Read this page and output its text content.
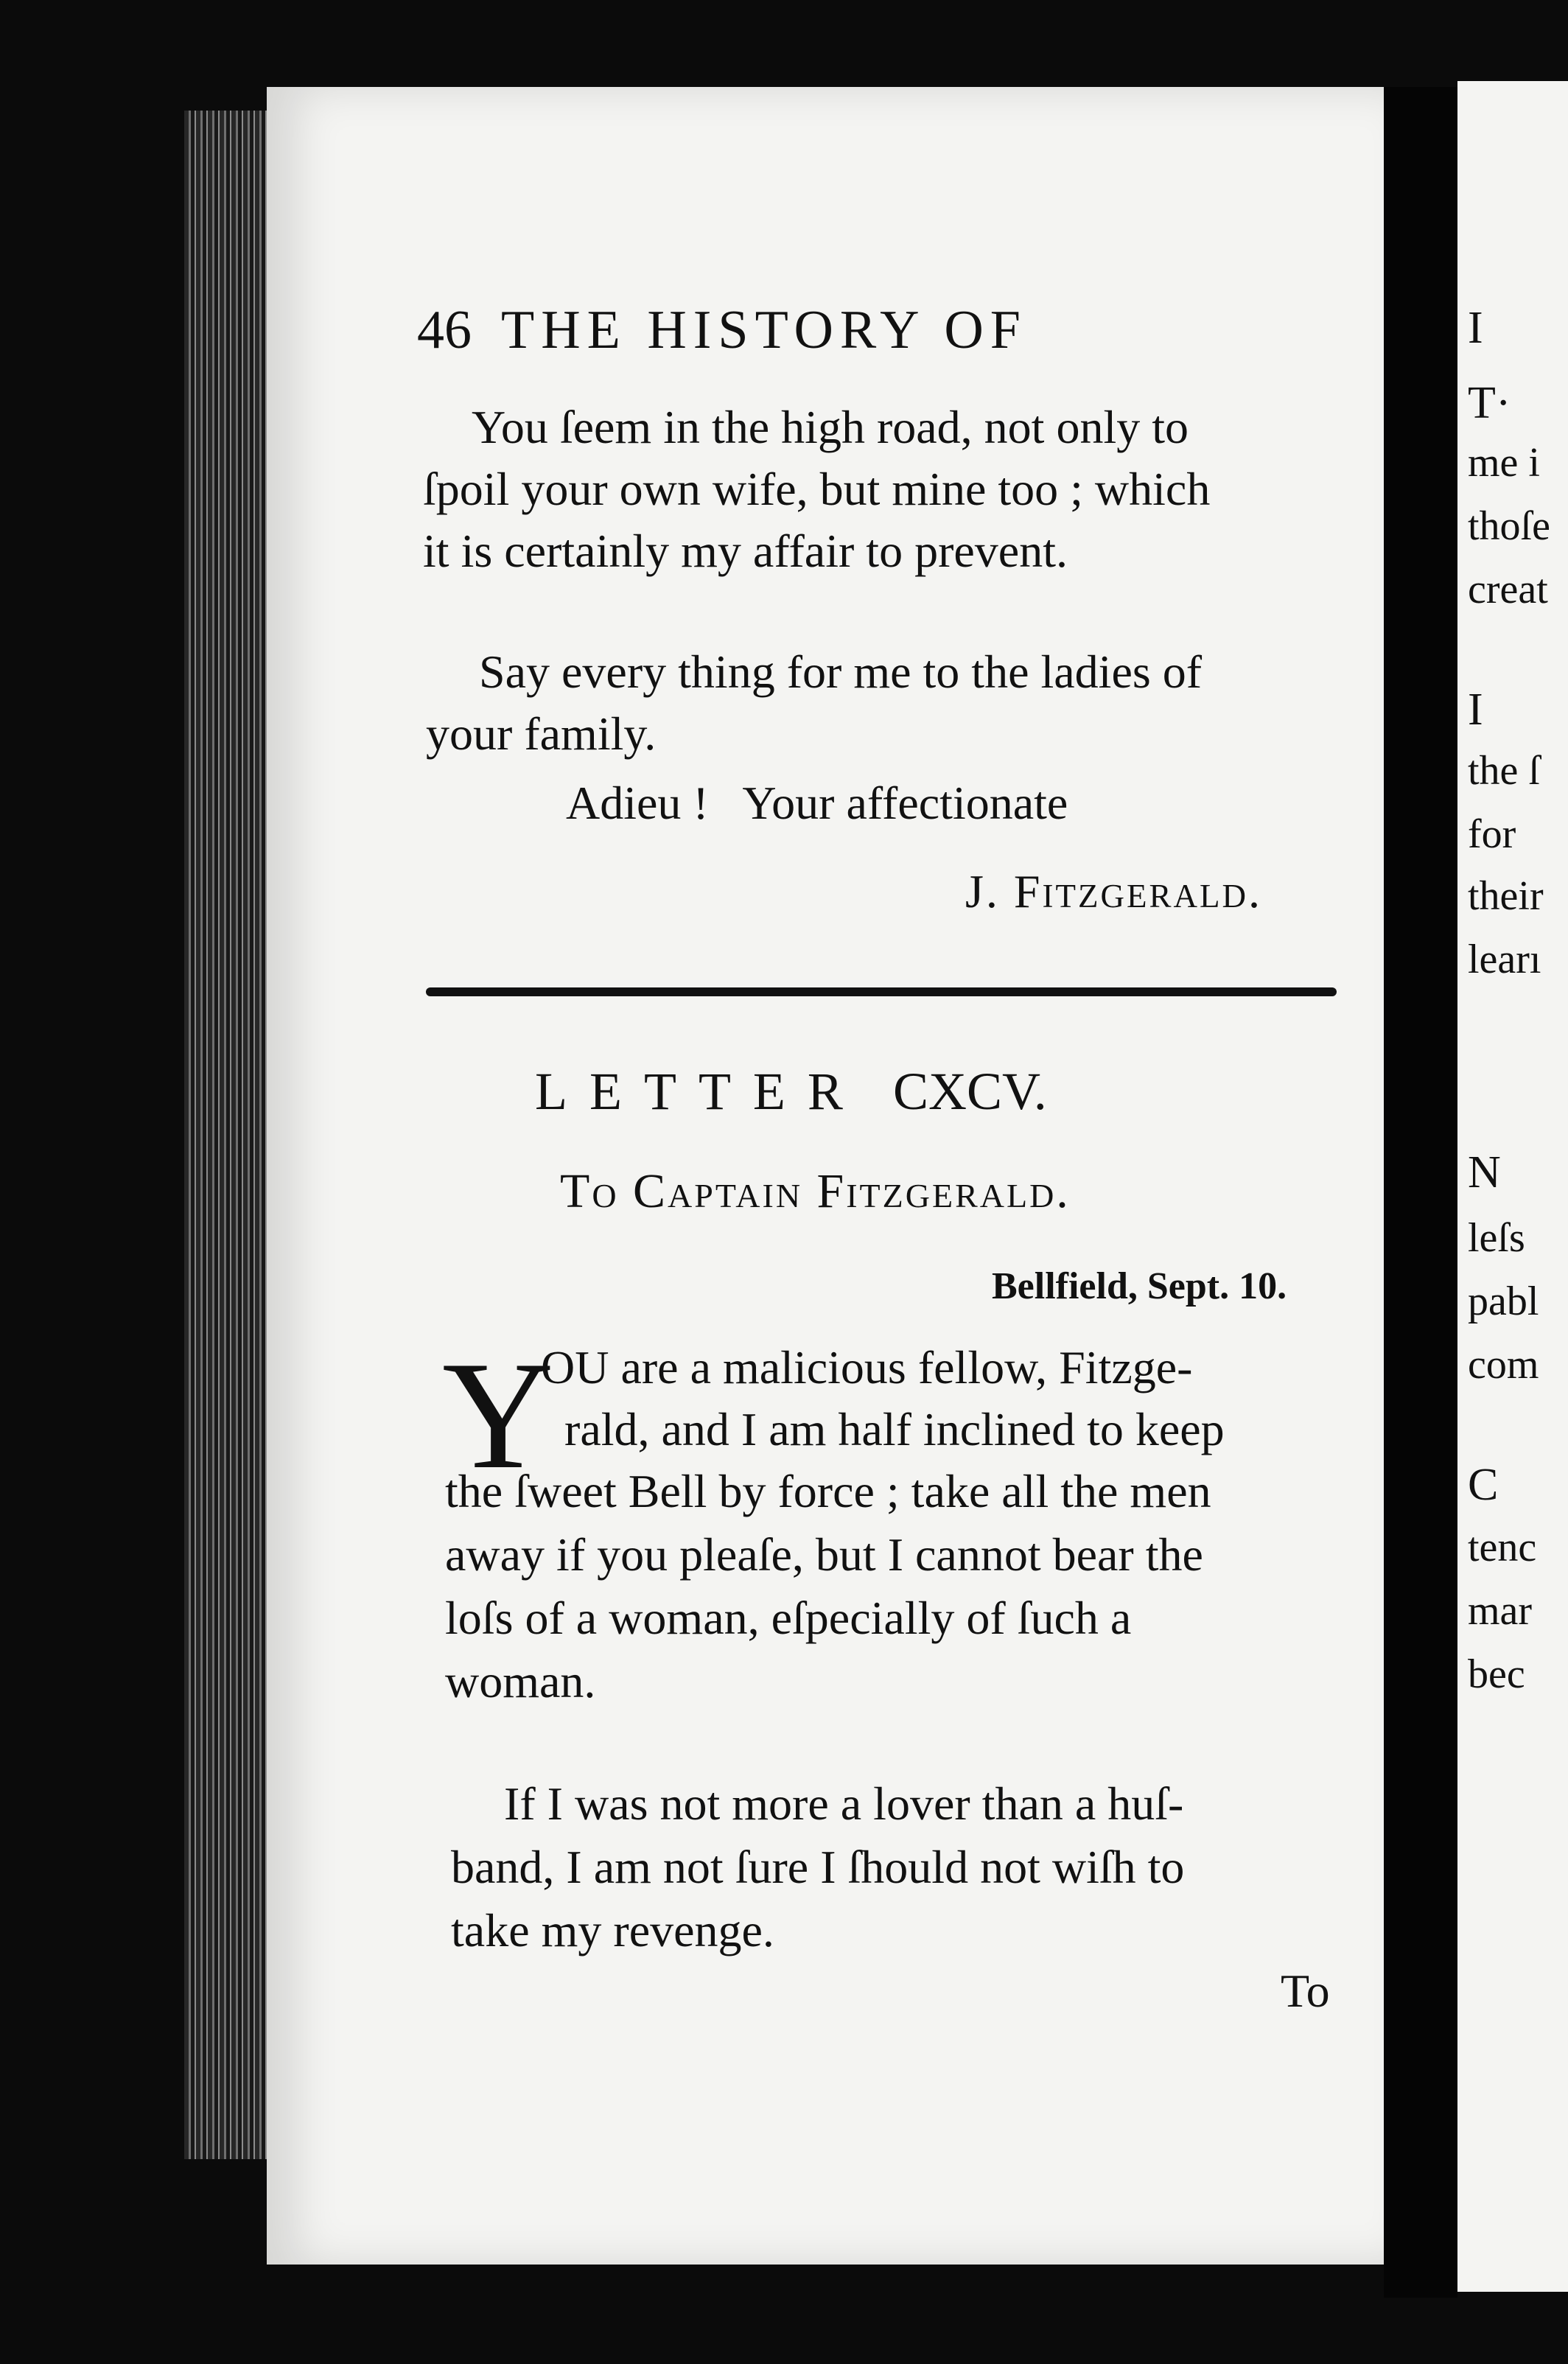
I
T·
me i
thoſe
creat
I
the ſ
for
their
learı
N
leſs
pabl
com
C
tenc
mar
bec
46 THE HISTORY OF
You ſeem in the high road, not only to
ſpoil your own wife, but mine too ; which
it is certainly my affair to prevent.
Say every thing for me to the ladies of
your family.
Adieu !   Your affectionate
J. Fitzgerald.
LETTER CXCV.
To Captain Fitzgerald.
Bellfield, Sept. 10.
Y
OU are a malicious fellow, Fitzge-
rald, and I am half inclined to keep
the ſweet Bell by force ; take all the men
away if you pleaſe, but I cannot bear the
loſs of a woman, eſpecially of ſuch a
woman.
If I was not more a lover than a huſ-
band, I am not ſure I ſhould not wiſh to
take my revenge.
To
